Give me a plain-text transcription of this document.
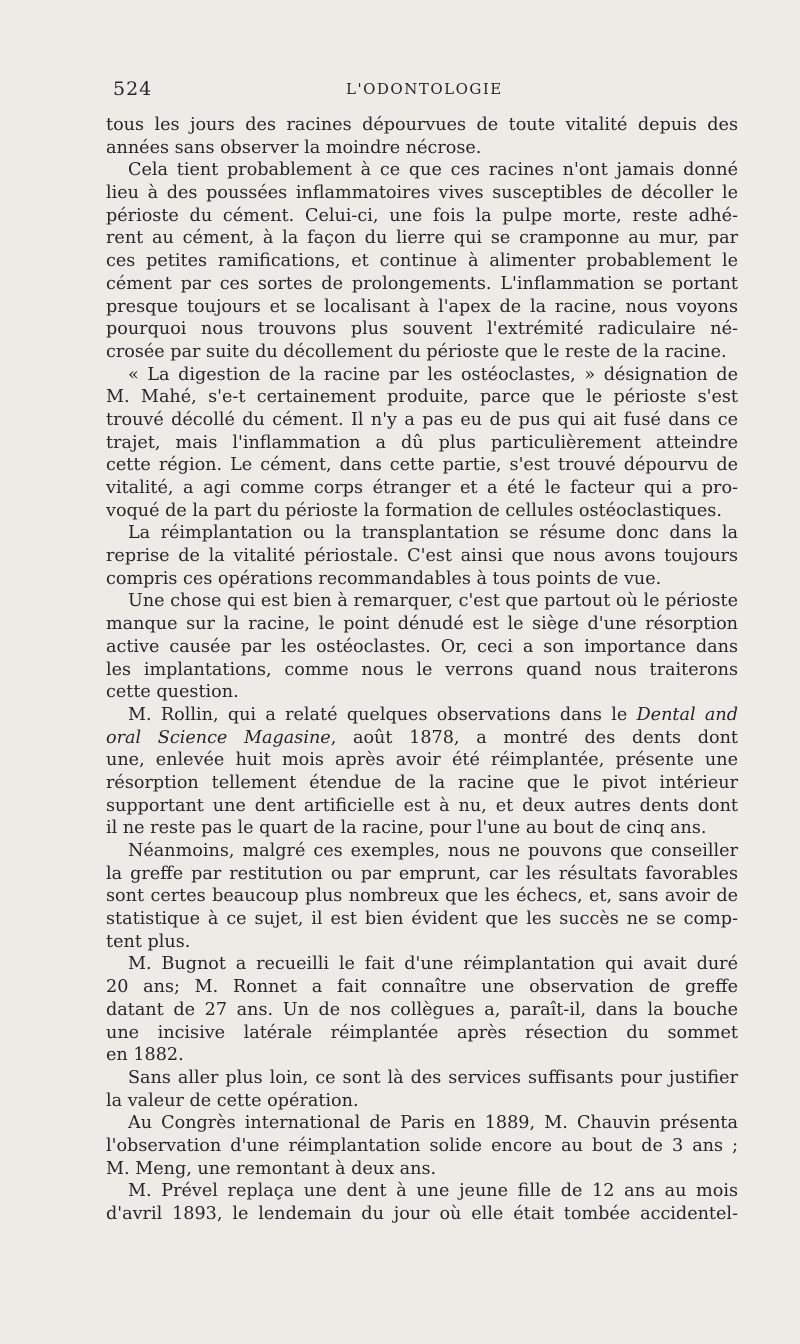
524	L'ODONTOLOGIE
tous les jours des racines dépourvues de toute vitalité depuis des
années sans observer la moindre nécrose.
Cela tient probablement à ce que ces racines n'ont jamais donné
lieu à des poussées inflammatoires vives susceptibles de décoller le
périoste du cément. Celui-ci, une fois la pulpe morte, reste adhé-
rent au cément, à la façon du lierre qui se cramponne au mur, par
ces petites ramifications, et continue à alimenter probablement le
cément par ces sortes de prolongements. L'inflammation se portant
presque toujours et se localisant à l'apex de la racine, nous voyons
pourquoi nous trouvons plus souvent l'extrémité radiculaire né-
crosée par suite du décollement du périoste que le reste de la racine.
« La digestion de la racine par les ostéoclastes, » désignation de
M. Mahé, s'e-t certainement produite, parce que le périoste s'est
trouvé décollé du cément. Il n'y a pas eu de pus qui ait fusé dans ce
trajet, mais l'inflammation a dû plus particulièrement atteindre
cette région. Le cément, dans cette partie, s'est trouvé dépourvu de
vitalité, a agi comme corps étranger et a été le facteur qui a pro-
voqué de la part du périoste la formation de cellules ostéoclastiques.
La réimplantation ou la transplantation se résume donc dans la
reprise de la vitalité périostale. C'est ainsi que nous avons toujours
compris ces opérations recommandables à tous points de vue.
Une chose qui est bien à remarquer, c'est que partout où le périoste
manque sur la racine, le point dénudé est le siège d'une résorption
active causée par les ostéoclastes. Or, ceci a son importance dans
les implantations, comme nous le verrons quand nous traiterons
cette question.
M. Rollin, qui a relaté quelques observations dans le Dental and
oral Science Magasine, août 1878, a montré des dents dont
une, enlevée huit mois après avoir été réimplantée, présente une
résorption tellement étendue de la racine que le pivot intérieur
supportant une dent artificielle est à nu, et deux autres dents dont
il ne reste pas le quart de la racine, pour l'une au bout de cinq ans.
Néanmoins, malgré ces exemples, nous ne pouvons que conseiller
la greffe par restitution ou par emprunt, car les résultats favorables
sont certes beaucoup plus nombreux que les échecs, et, sans avoir de
statistique à ce sujet, il est bien évident que les succès ne se comp-
tent plus.
M. Bugnot a recueilli le fait d'une réimplantation qui avait duré
20 ans; M. Ronnet a fait connaître une observation de greffe
datant de 27 ans. Un de nos collègues a, paraît-il, dans la bouche
une incisive latérale réimplantée après résection du sommet
en 1882.
Sans aller plus loin, ce sont là des services suffisants pour justifier
la valeur de cette opération.
Au Congrès international de Paris en 1889, M. Chauvin présenta
l'observation d'une réimplantation solide encore au bout de 3 ans ;
M. Meng, une remontant à deux ans.
M. Prével replaça une dent à une jeune fille de 12 ans au mois
d'avril 1893, le lendemain du jour où elle était tombée accidentel-
